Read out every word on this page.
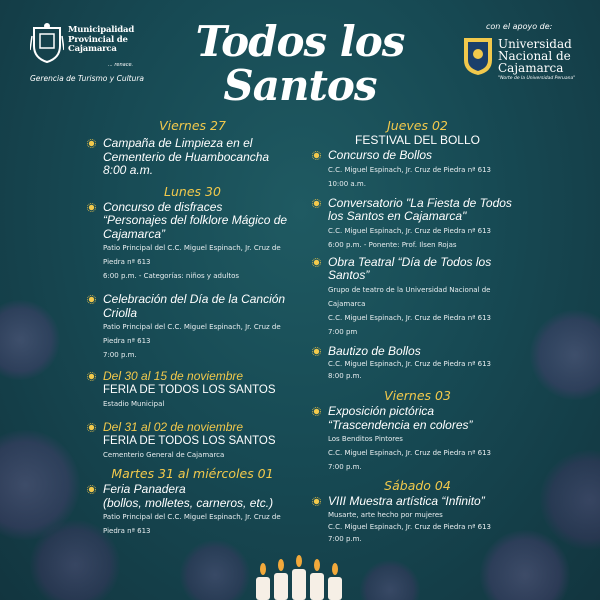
Municipalidad Provincial de Cajamarca
... renace.
Gerencia de Turismo y Cultura
Todos los
Santos
con el apoyo de:
Universidad
Nacional de
Cajamarca
"Norte de la Universidad Peruana"

Viernes 27

Campaña de Limpieza en el Cementerio de Huambocancha

8:00 a.m.

Lunes 30

Concurso de disfraces

“Personajes del folklore Mágico de Cajamarca”

Patio Principal del C.C. Miguel Espinach, Jr. Cruz de Piedra nª 613

6:00 p.m. - Categorías: niños y adultos

Celebración del Día de la Canción Criolla

Patio Principal del C.C. Miguel Espinach, Jr. Cruz de Piedra nª 613

7:00 p.m.

Del 30 al 15 de noviembre

FERIA DE TODOS LOS SANTOS

Estadio Municipal

Del 31 al 02 de noviembre

FERIA DE TODOS LOS SANTOS

Cementerio General de Cajamarca

Martes 31 al miércoles 01

Feria Panadera

(bollos, molletes, carneros, etc.)

Patio Principal del C.C. Miguel Espinach, Jr. Cruz de Piedra nª 613

Jueves 02

FESTIVAL DEL BOLLO

Concurso de Bollos

C.C. Miguel Espinach, Jr. Cruz de Piedra nª 613

10:00 a.m.

Conversatorio "La Fiesta de Todos los Santos en Cajamarca"

C.C. Miguel Espinach, Jr. Cruz de Piedra nª 613

6:00 p.m. - Ponente: Prof. Ilsen Rojas

Obra Teatral “Día de Todos los Santos”

Grupo de teatro de la Universidad Nacional de Cajamarca

C.C. Miguel Espinach, Jr. Cruz de Piedra nª 613

7:00 pm

Bautizo de Bollos

C.C. Miguel Espinach, Jr. Cruz de Piedra nª 613

8:00 p.m.

Viernes 03

Exposición pictórica

“Trascendencia en colores”

Los Benditos Pintores

C.C. Miguel Espinach, Jr. Cruz de Piedra nª 613

7:00 p.m.

Sábado 04

VIII Muestra artística “Infinito”

Musarte, arte hecho por mujeres

C.C. Miguel Espinach, Jr. Cruz de Piedra nª 613

7:00 p.m.
